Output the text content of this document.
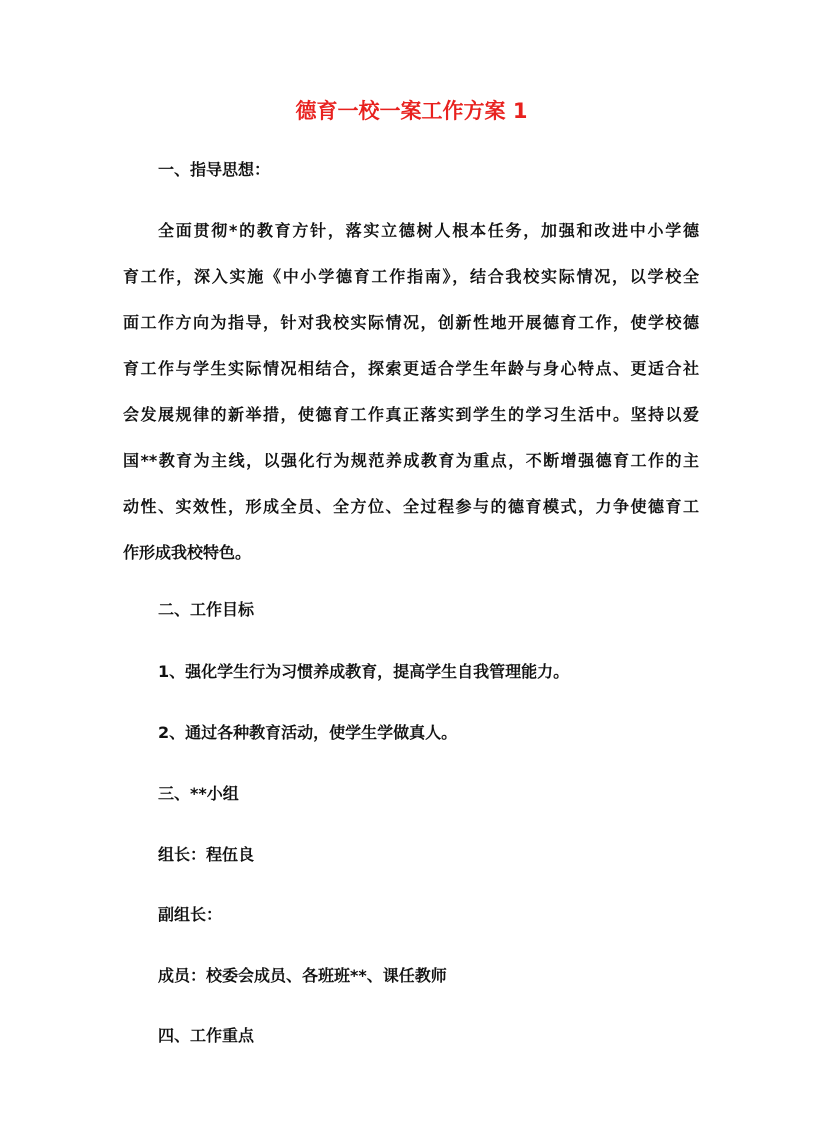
德育一校一案工作方案 1
一、指导思想：
全面贯彻*的教育方针，落实立德树人根本任务，加强和改进中小学德
育工作，深入实施《中小学德育工作指南》，结合我校实际情况，以学校全
面工作方向为指导，针对我校实际情况，创新性地开展德育工作，使学校德
育工作与学生实际情况相结合，探索更适合学生年龄与身心特点、更适合社
会发展规律的新举措，使德育工作真正落实到学生的学习生活中。坚持以爱
国**教育为主线，以强化行为规范养成教育为重点，不断增强德育工作的主
动性、实效性，形成全员、全方位、全过程参与的德育模式，力争使德育工
作形成我校特色。
二、工作目标
1、强化学生行为习惯养成教育，提高学生自我管理能力。
2、通过各种教育活动，使学生学做真人。
三、**小组
组长：程伍良
副组长：
成员：校委会成员、各班班**、课任教师
四、工作重点
